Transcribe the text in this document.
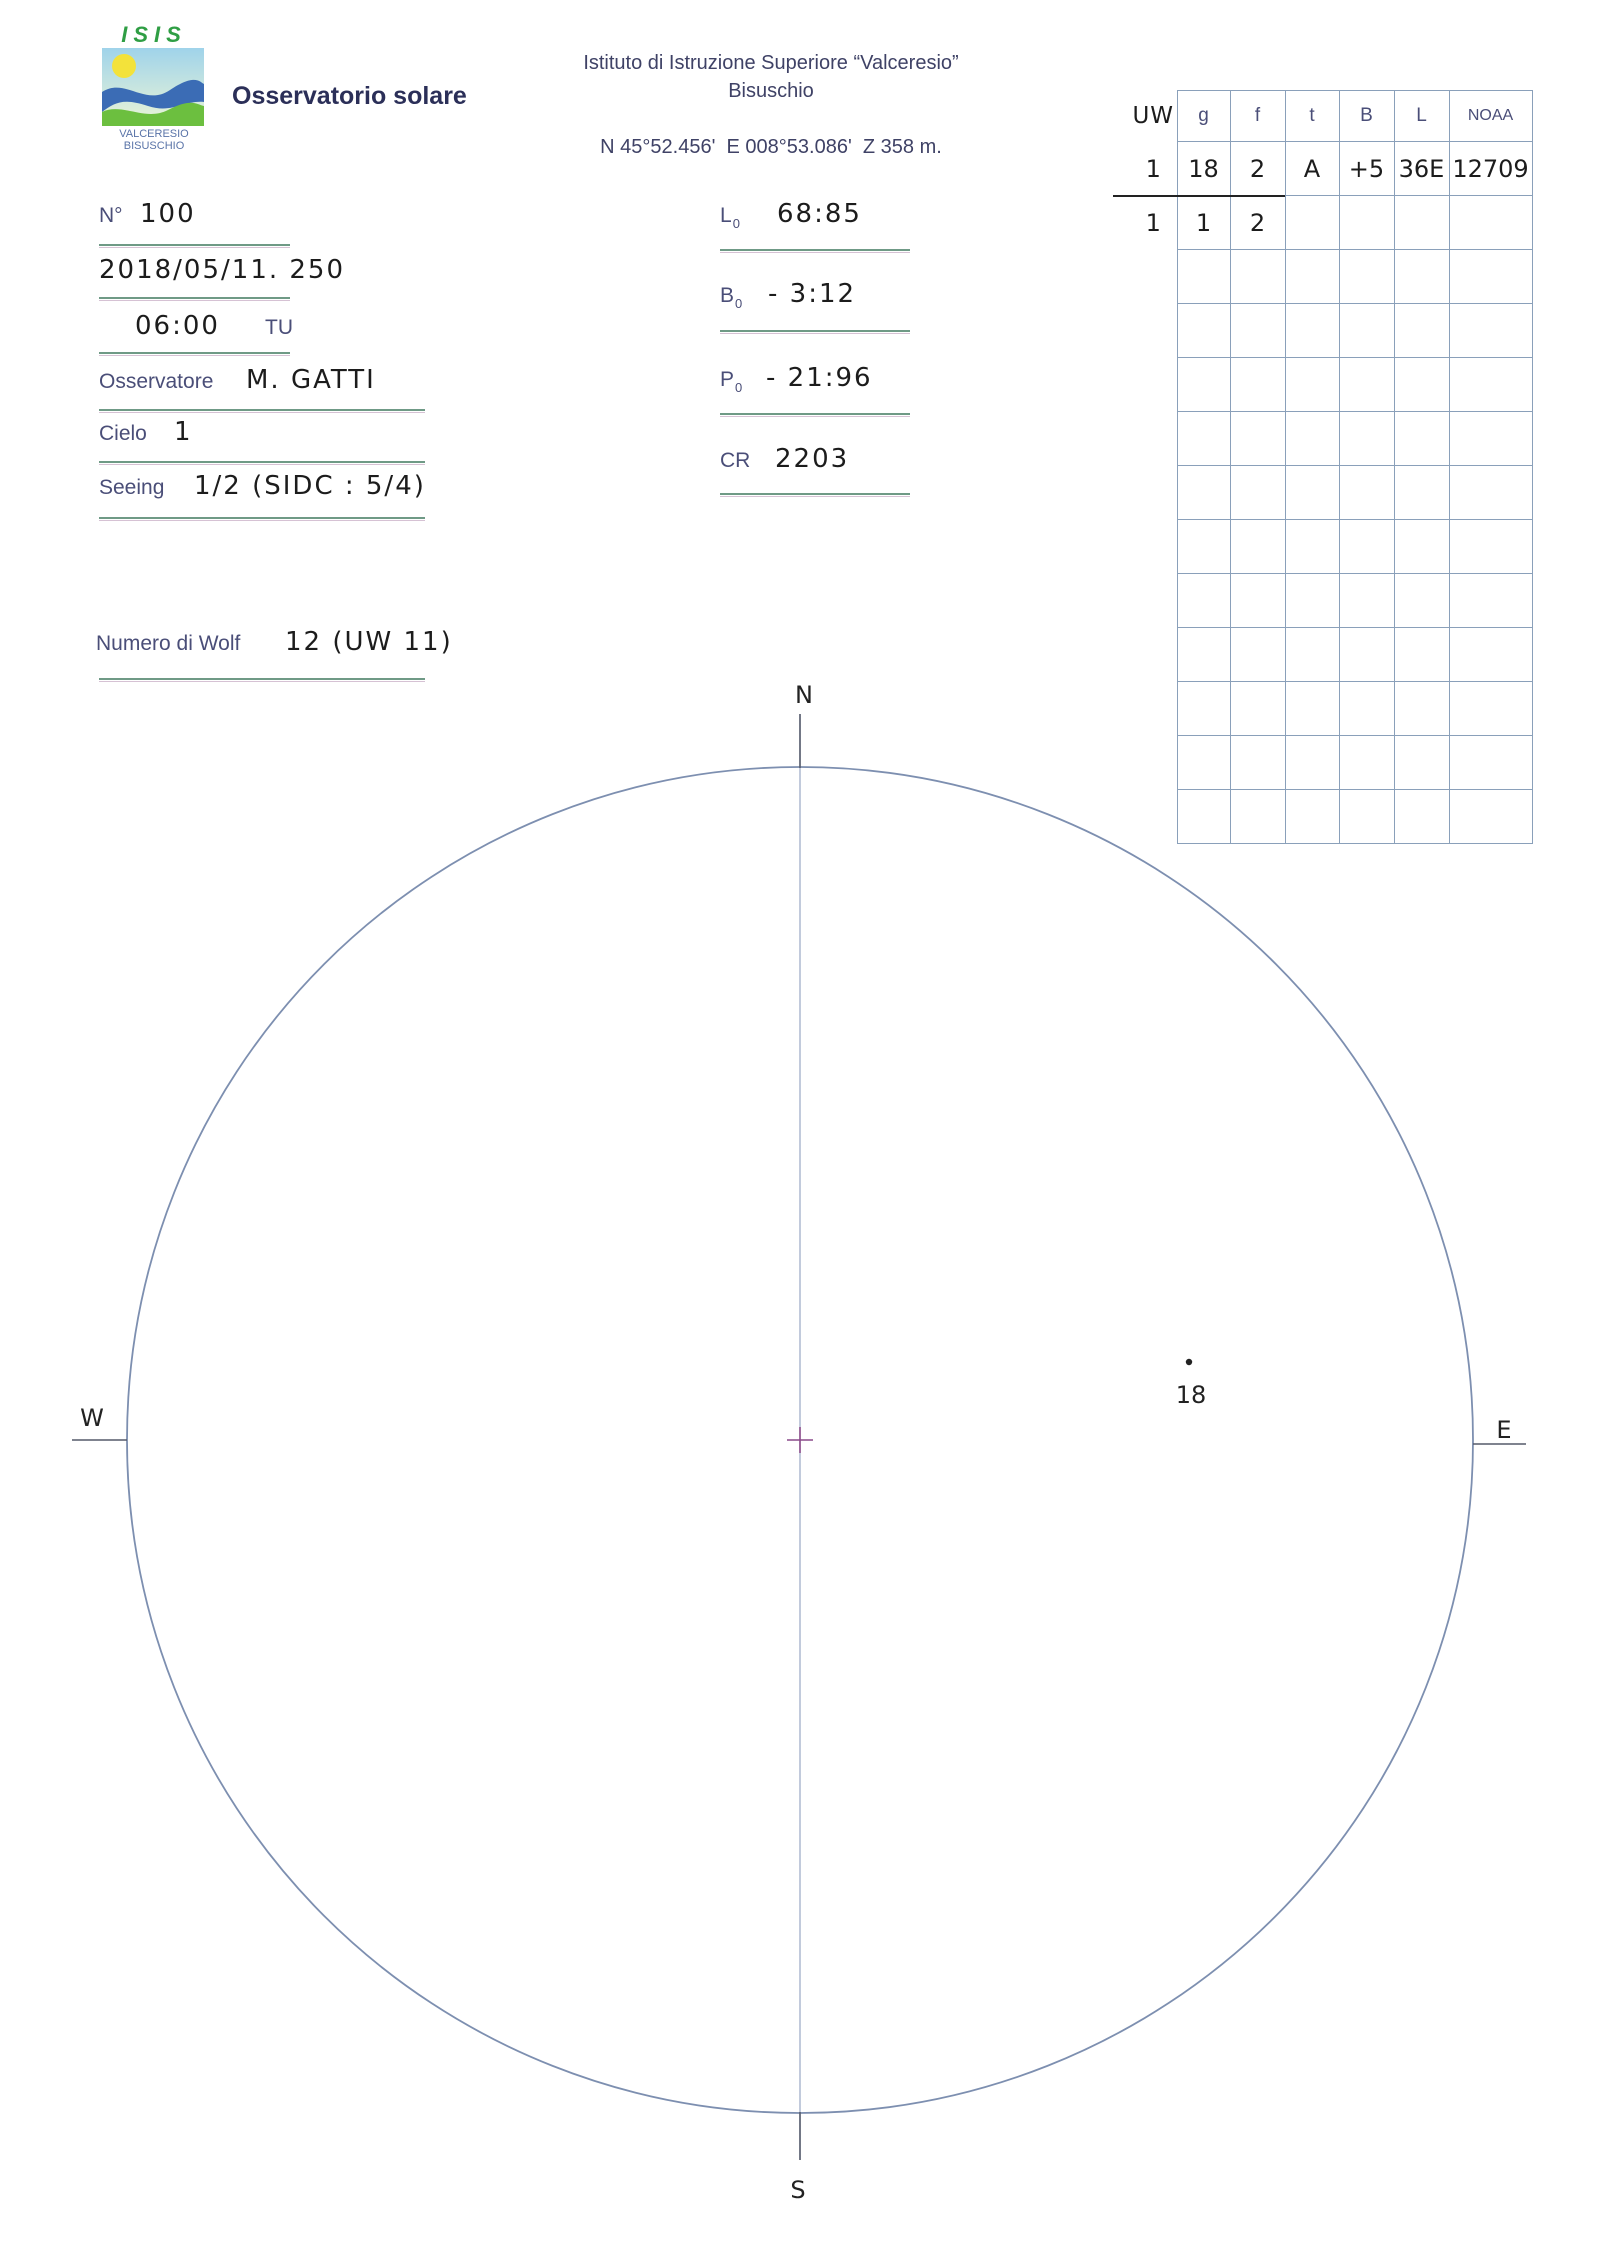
N
S
W	E
18
ISIS
VALCERESIO
BISUSCHIO
Osservatorio solare
Istituto di Istruzione Superiore “Valceresio”
Bisuschio
N 45°52.456'  E 008°53.086'  Z 358 m.
N° 100
2018/05/11. 250
06:00 TU
Osservatore M. GATTI
Cielo 1
Seeing 1/2 (SIDC : 5/4)
Numero di Wolf 12 (UW 11)
$L_0$ 68:85
$B_0$ - 3:12
$P_0$ - 21:96
CR 2203
UW	g	f	t	B	L	NOAA
1	18	2	A	+5	36E	12709
1	1	2				
